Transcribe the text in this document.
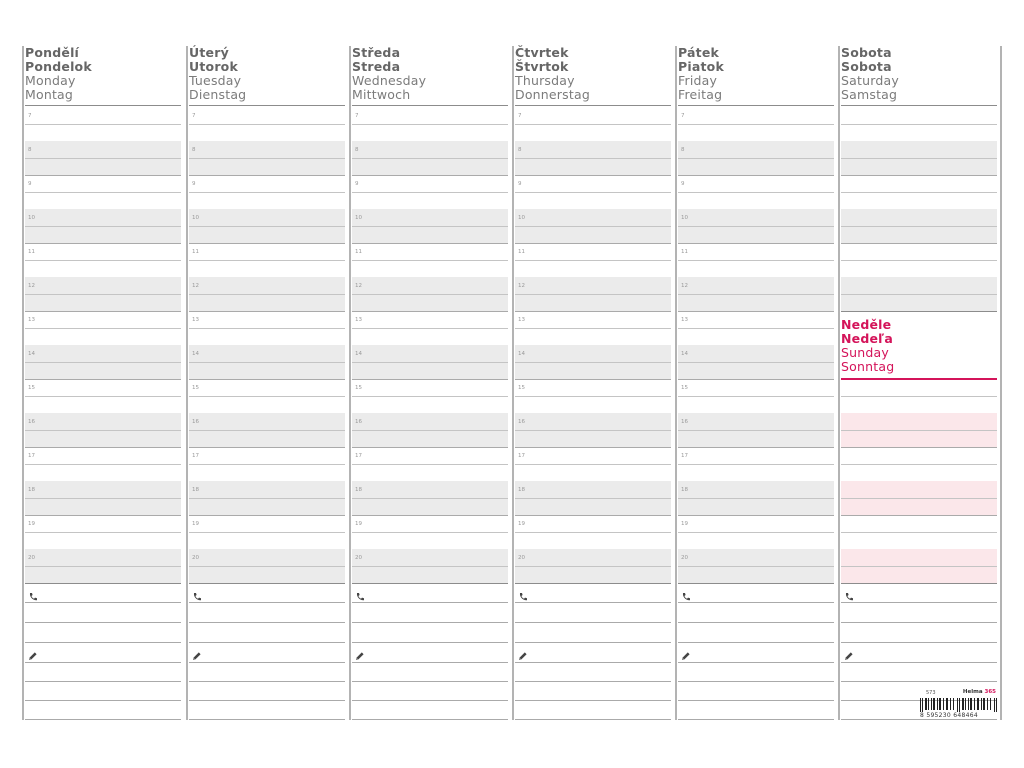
Pondělí
Pondelok
Monday
Montag
7
8
9
10
11
12
13
14
15
16
17
18
19
20
Úterý
Utorok
Tuesday
Dienstag
7
8
9
10
11
12
13
14
15
16
17
18
19
20
Středa
Streda
Wednesday
Mittwoch
7
8
9
10
11
12
13
14
15
16
17
18
19
20
Čtvrtek
Štvrtok
Thursday
Donnerstag
7
8
9
10
11
12
13
14
15
16
17
18
19
20
Pátek
Piatok
Friday
Freitag
7
8
9
10
11
12
13
14
15
16
17
18
19
20
Sobota
Sobota
Saturday
Samstag
Neděle
Nedeľa
Sunday
Sonntag
573	Helma 365
8 595230 648464
